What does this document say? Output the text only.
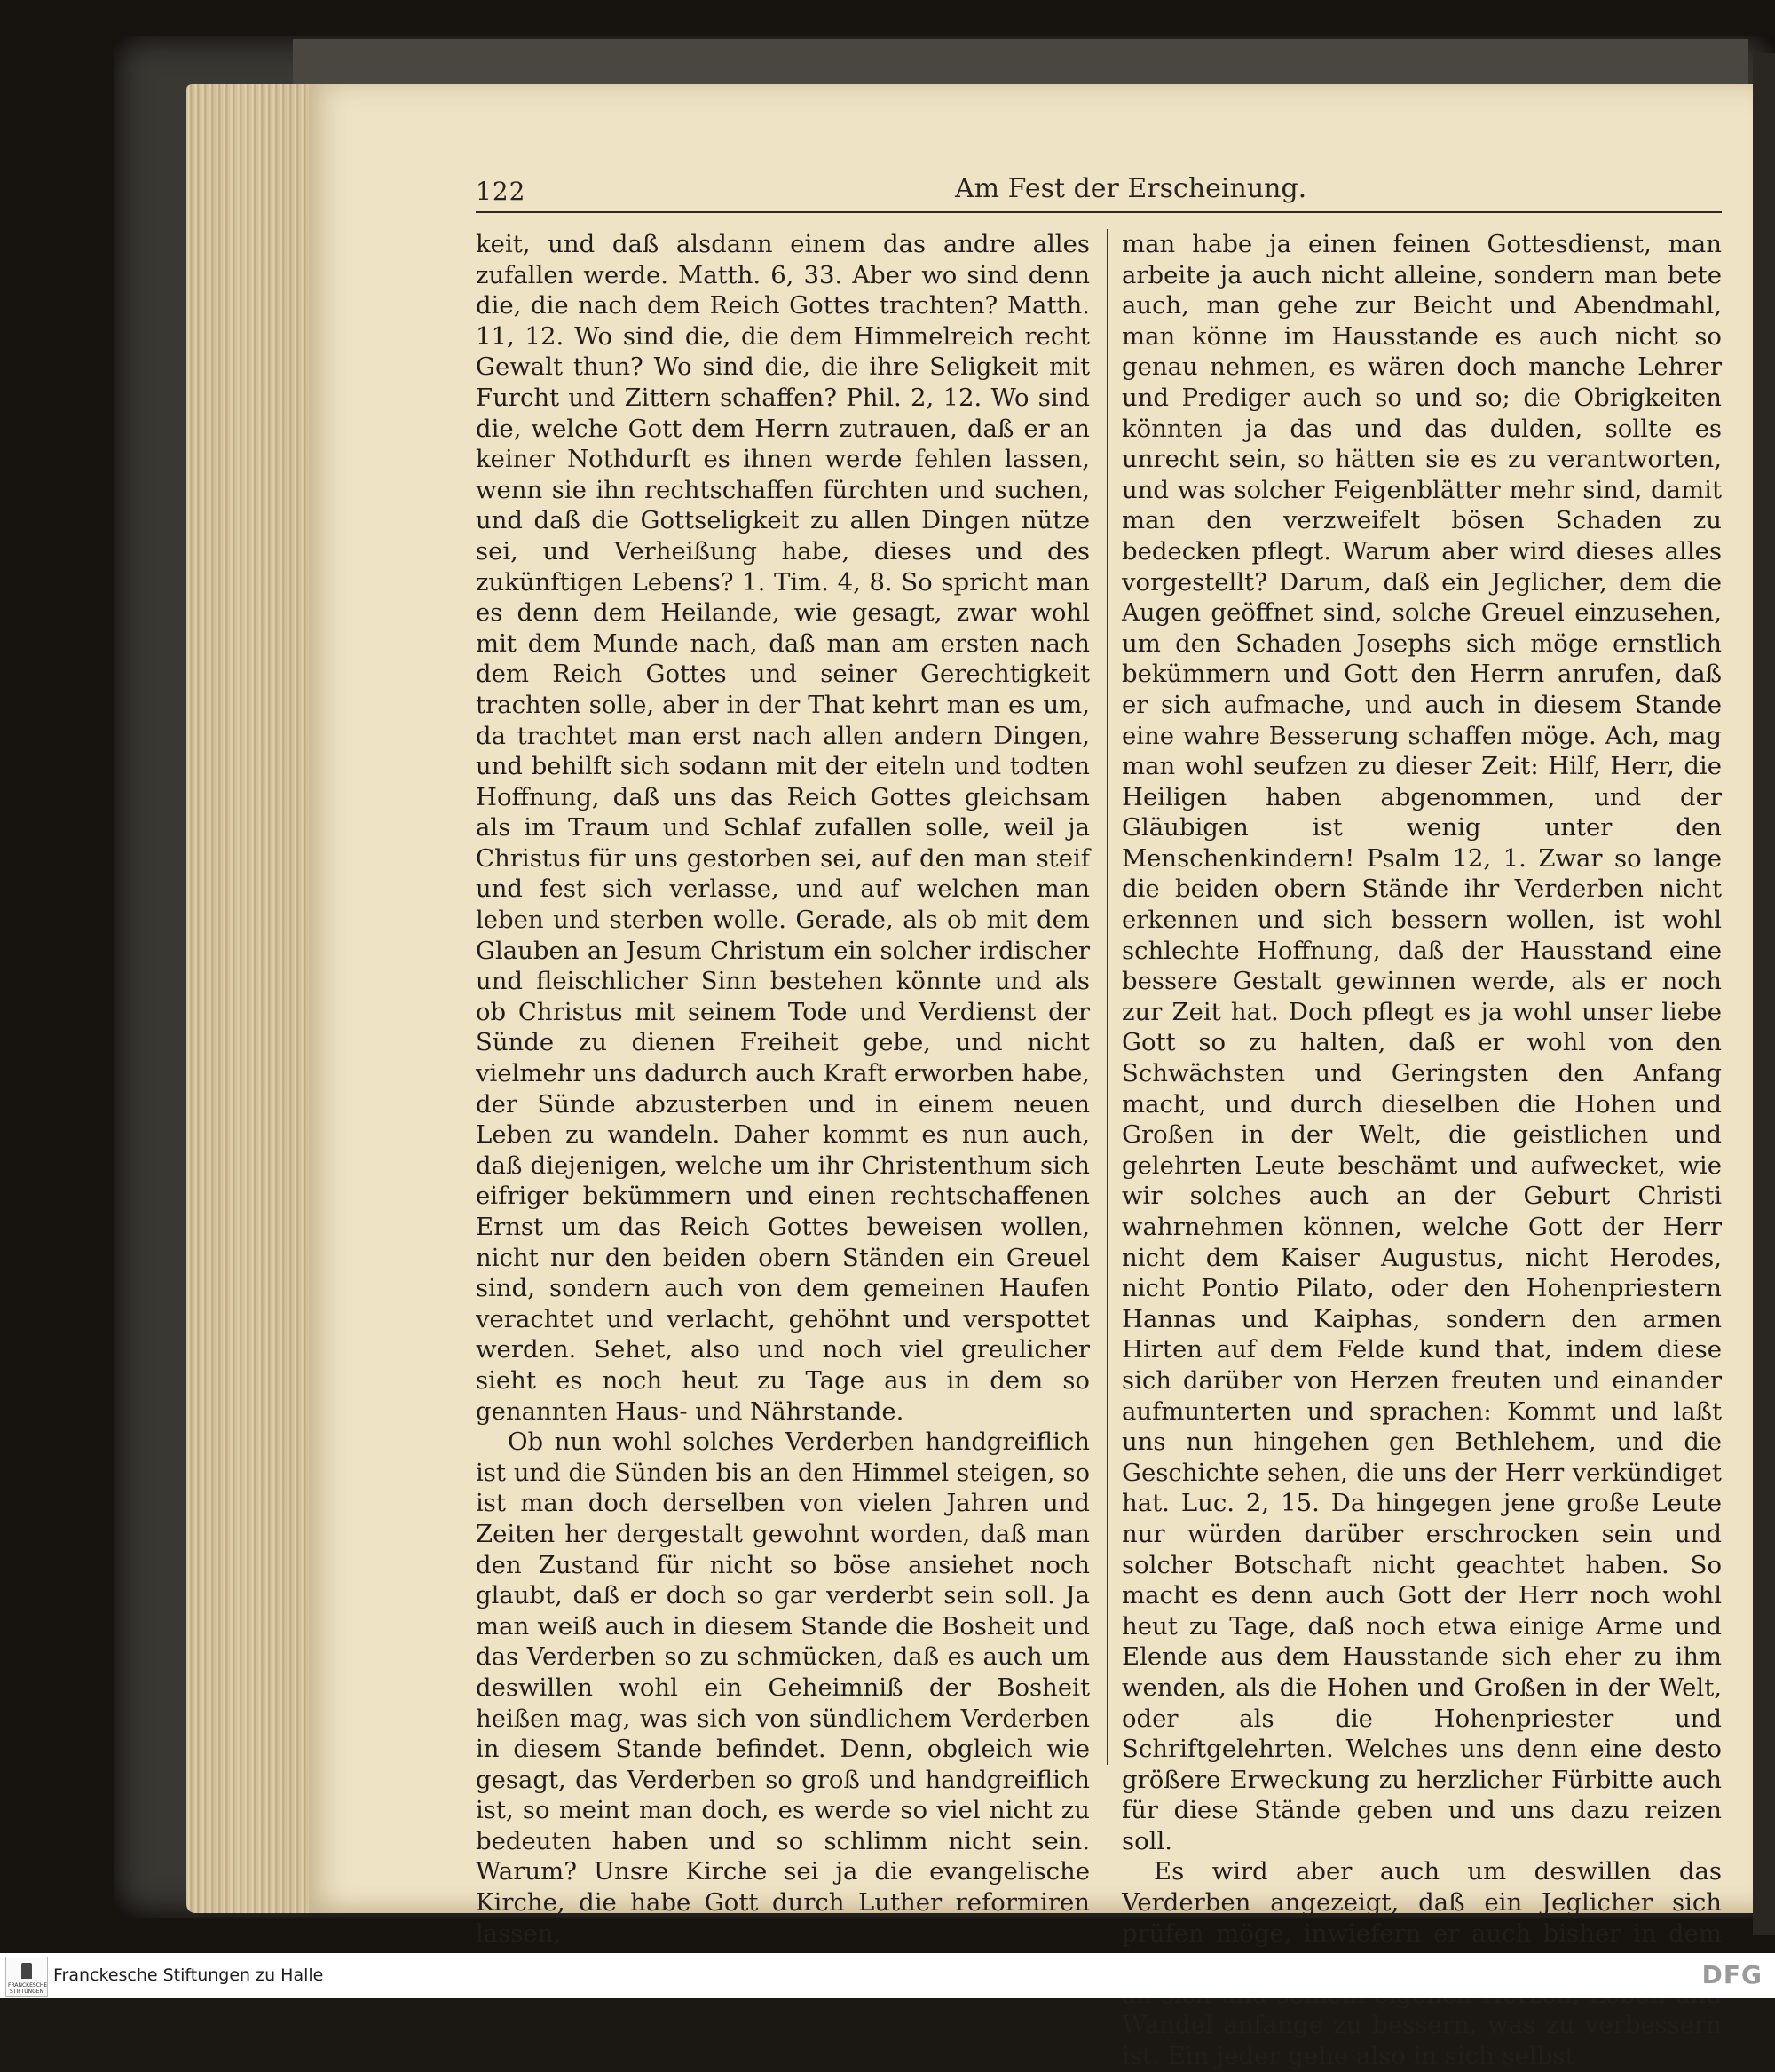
122	Am Fest der Erscheinung.

keit, und daß alsdann einem das andre alles zufallen werde. Matth. 6, 33. Aber wo sind denn die, die nach dem Reich Gottes trachten? Matth. 11, 12. Wo sind die, die dem Himmelreich recht Gewalt thun? Wo sind die, die ihre Seligkeit mit Furcht und Zittern schaffen? Phil. 2, 12. Wo sind die, welche Gott dem Herrn zutrauen, daß er an keiner Nothdurft es ihnen werde fehlen lassen, wenn sie ihn rechtschaffen fürchten und suchen, und daß die Gottseligkeit zu allen Dingen nütze sei, und Verheißung habe, dieses und des zukünftigen Lebens? 1. Tim. 4, 8. So spricht man es denn dem Heilande, wie gesagt, zwar wohl mit dem Munde nach, daß man am ersten nach dem Reich Gottes und seiner Gerechtigkeit trachten solle, aber in der That kehrt man es um, da trachtet man erst nach allen andern Dingen, und behilft sich sodann mit der eiteln und todten Hoffnung, daß uns das Reich Gottes gleichsam als im Traum und Schlaf zufallen solle, weil ja Christus für uns gestorben sei, auf den man steif und fest sich verlasse, und auf welchen man leben und sterben wolle. Gerade, als ob mit dem Glauben an Jesum Christum ein solcher irdischer und fleischlicher Sinn bestehen könnte und als ob Christus mit seinem Tode und Verdienst der Sünde zu dienen Freiheit gebe, und nicht vielmehr uns dadurch auch Kraft erworben habe, der Sünde abzusterben und in einem neuen Leben zu wandeln. Daher kommt es nun auch, daß diejenigen, welche um ihr Christenthum sich eifriger bekümmern und einen rechtschaffenen Ernst um das Reich Gottes beweisen wollen, nicht nur den beiden obern Ständen ein Greuel sind, sondern auch von dem gemeinen Haufen verachtet und verlacht, gehöhnt und verspottet werden. Sehet, also und noch viel greulicher sieht es noch heut zu Tage aus in dem so genannten Haus- und Nährstande.

Ob nun wohl solches Verderben handgreiflich ist und die Sünden bis an den Himmel steigen, so ist man doch derselben von vielen Jahren und Zeiten her dergestalt gewohnt worden, daß man den Zustand für nicht so böse ansiehet noch glaubt, daß er doch so gar verderbt sein soll. Ja man weiß auch in diesem Stande die Bosheit und das Verderben so zu schmücken, daß es auch um deswillen wohl ein Geheimniß der Bosheit heißen mag, was sich von sündlichem Verderben in diesem Stande befindet. Denn, obgleich wie gesagt, das Verderben so groß und handgreiflich ist, so meint man doch, es werde so viel nicht zu bedeuten haben und so schlimm nicht sein. Warum? Unsre Kirche sei ja die evangelische Kirche, die habe Gott durch Luther reformiren lassen,

man habe ja einen feinen Gottesdienst, man arbeite ja auch nicht alleine, sondern man bete auch, man gehe zur Beicht und Abendmahl, man könne im Hausstande es auch nicht so genau nehmen, es wären doch manche Lehrer und Prediger auch so und so; die Obrigkeiten könnten ja das und das dulden, sollte es unrecht sein, so hätten sie es zu verantworten, und was solcher Feigenblätter mehr sind, damit man den verzweifelt bösen Schaden zu bedecken pflegt. Warum aber wird dieses alles vorgestellt? Darum, daß ein Jeglicher, dem die Augen geöffnet sind, solche Greuel einzusehen, um den Schaden Josephs sich möge ernstlich bekümmern und Gott den Herrn anrufen, daß er sich aufmache, und auch in diesem Stande eine wahre Besserung schaffen möge. Ach, mag man wohl seufzen zu dieser Zeit: Hilf, Herr, die Heiligen haben abgenommen, und der Gläubigen ist wenig unter den Menschenkindern! Psalm 12, 1. Zwar so lange die beiden obern Stände ihr Verderben nicht erkennen und sich bessern wollen, ist wohl schlechte Hoffnung, daß der Hausstand eine bessere Gestalt gewinnen werde, als er noch zur Zeit hat. Doch pflegt es ja wohl unser liebe Gott so zu halten, daß er wohl von den Schwächsten und Geringsten den Anfang macht, und durch dieselben die Hohen und Großen in der Welt, die geistlichen und gelehrten Leute beschämt und aufwecket, wie wir solches auch an der Geburt Christi wahrnehmen können, welche Gott der Herr nicht dem Kaiser Augustus, nicht Herodes, nicht Pontio Pilato, oder den Hohenpriestern Hannas und Kaiphas, sondern den armen Hirten auf dem Felde kund that, indem diese sich darüber von Herzen freuten und einander aufmunterten und sprachen: Kommt und laßt uns nun hingehen gen Bethlehem, und die Geschichte sehen, die uns der Herr verkündiget hat. Luc. 2, 15. Da hingegen jene große Leute nur würden darüber erschrocken sein und solcher Botschaft nicht geachtet haben. So macht es denn auch Gott der Herr noch wohl heut zu Tage, daß noch etwa einige Arme und Elende aus dem Hausstande sich eher zu ihm wenden, als die Hohen und Großen in der Welt, oder als die Hohenpriester und Schriftgelehrten. Welches uns denn eine desto größere Erweckung zu herzlicher Fürbitte auch für diese Stände geben und uns dazu reizen soll.

Es wird aber auch um deswillen das Verderben angezeigt, daß ein Jeglicher sich prüfen möge, inwiefern er auch bisher in dem Wandel anfange zu bessern, was zu verbessern ist. Ein jeder gehe also in sich selbst

FRANCKESCHE STIFTUNGEN
Franckesche Stiftungen zu Halle	DFG
